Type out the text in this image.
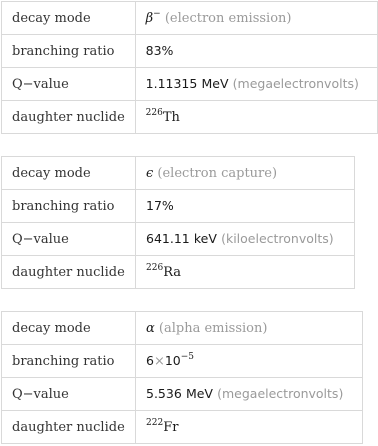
decay mode	β− (electron emission)
branching ratio	83%
Q−value	1.11315 MeV (megaelectronvolts)
daughter nuclide	$^{226}$Th
decay mode	ϵ (electron capture)
branching ratio	17%
Q−value	641.11 keV (kiloelectronvolts)
daughter nuclide	$^{226}$Ra
decay mode	α (alpha emission)
branching ratio	$6\times 10^{-5}$
Q−value	5.536 MeV (megaelectronvolts)
daughter nuclide	$^{222}$Fr
